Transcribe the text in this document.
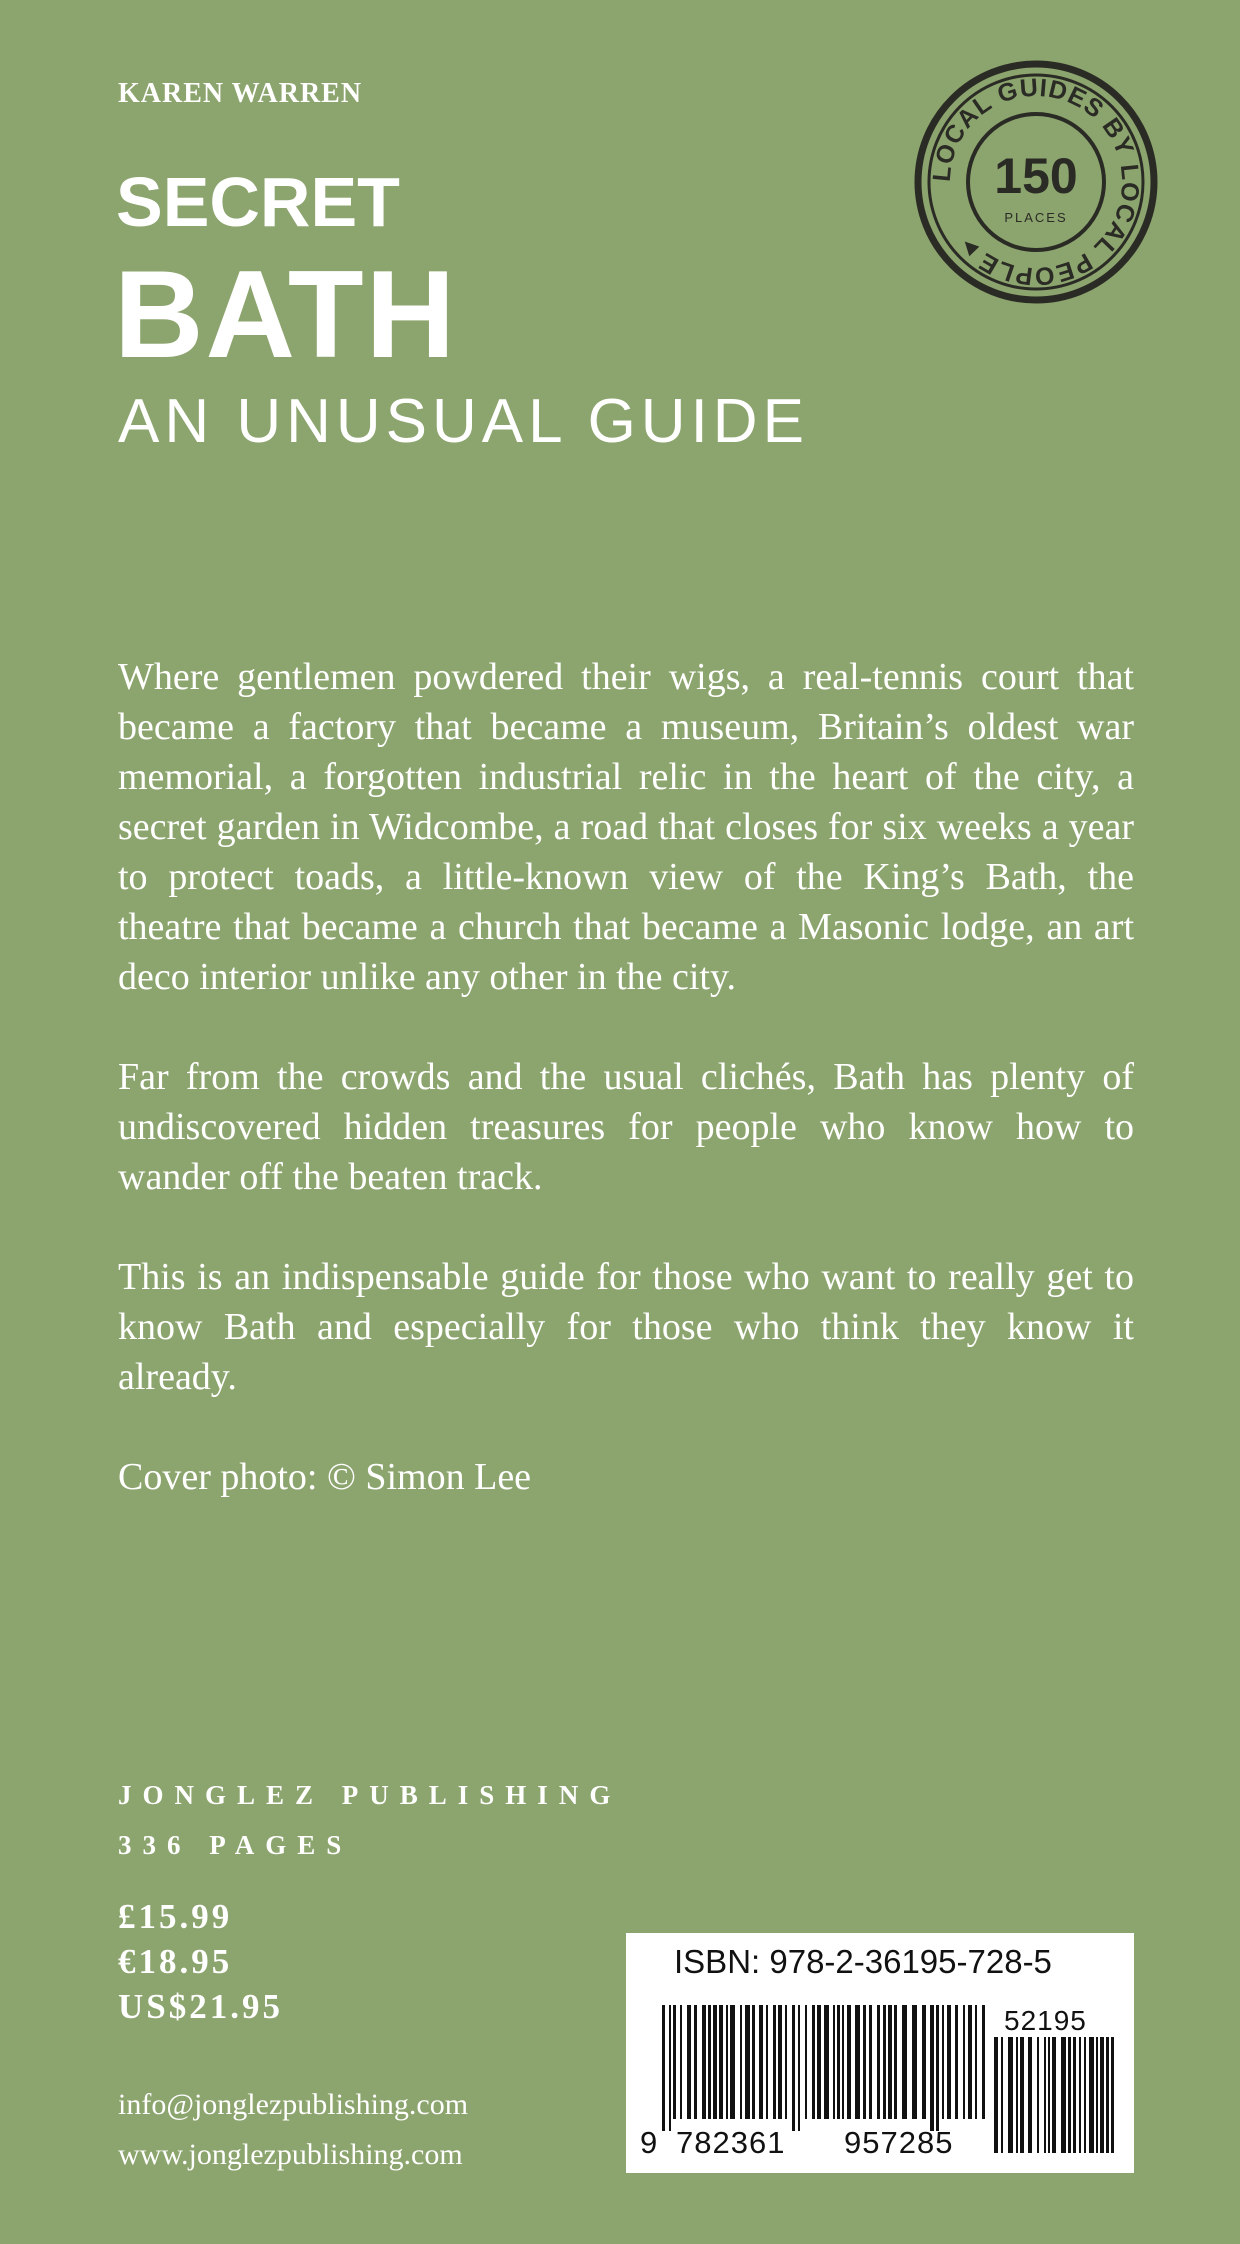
KAREN WARREN
SECRET
BATH
AN UNUSUAL GUIDE
LOCAL GUIDES BY LOCAL PEOPLE ▸
150
PLACES

Where gentlemen powdered their wigs, a real-tennis court that became a factory that became a museum, Britain’s oldest war memorial, a forgotten industrial relic in the heart of the city, a secret garden in Widcombe, a road that closes for six weeks a year to protect toads, a little-known view of the King’s Bath, the theatre that became a church that became a Masonic lodge, an art deco interior unlike any other in the city.

Far from the crowds and the usual clichés, Bath has plenty of undiscovered hidden treasures for people who know how to wander off the beaten track.

This is an indispensable guide for those who want to really get to know Bath and especially for those who think they know it already.

Cover photo: © Simon Lee

JONGLEZ PUBLISHING
336 PAGES
£15.99
€18.95
US$21.95
info@jonglezpublishing.com
www.jonglezpublishing.com
ISBN: 978-2-36195-728-5
52195
9 782361 957285
